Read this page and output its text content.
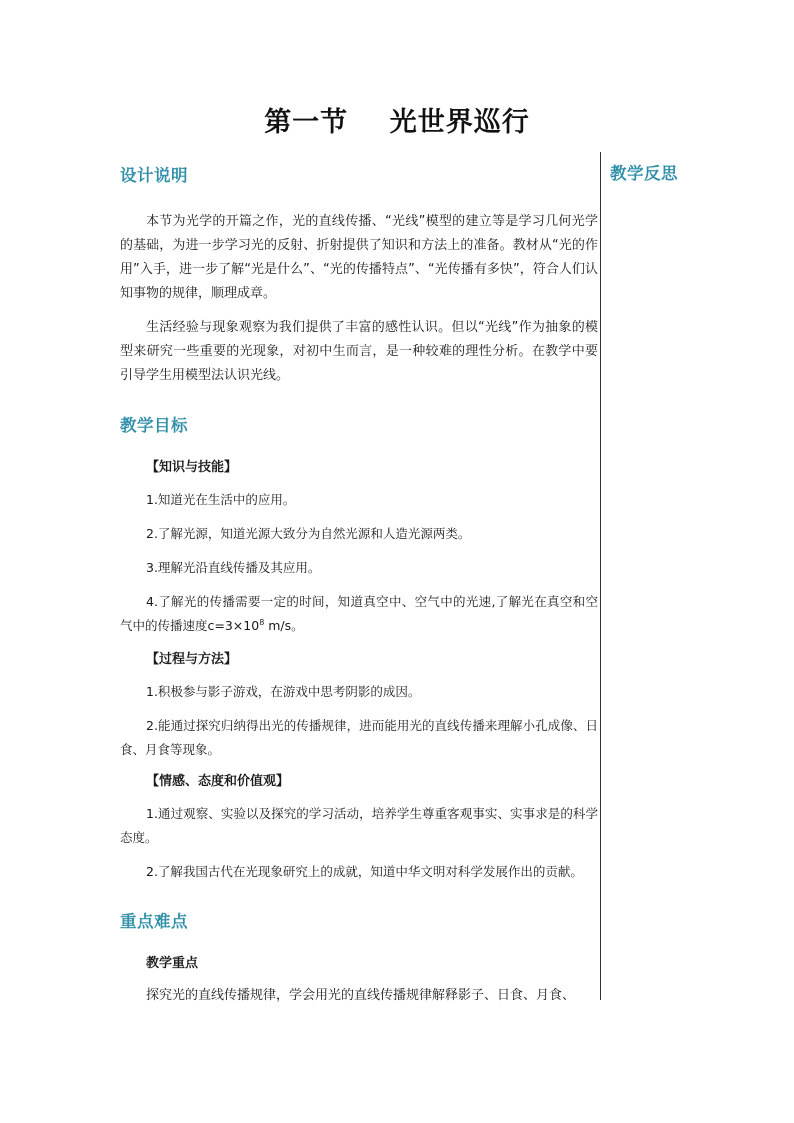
第一节    光世界巡行
设计说明

本节为光学的开篇之作，光的直线传播、“光线”模型的建立等是学习几何光学的基础，为进一步学习光的反射、折射提供了知识和方法上的准备。教材从“光的作用”入手，进一步了解“光是什么”、“光的传播特点”、“光传播有多快”，符合人们认知事物的规律，顺理成章。

生活经验与现象观察为我们提供了丰富的感性认识。但以“光线”作为抽象的模型来研究一些重要的光现象，对初中生而言，是一种较难的理性分析。在教学中要引导学生用模型法认识光线。

教学目标

【知识与技能】

1.知道光在生活中的应用。

2.了解光源，知道光源大致分为自然光源和人造光源两类。

3.理解光沿直线传播及其应用。

4.了解光的传播需要一定的时间，知道真空中、空气中的光速,了解光在真空和空气中的传播速度$c=3\times 10^8$ m/s。

【过程与方法】

1.积极参与影子游戏，在游戏中思考阴影的成因。

2.能通过探究归纳得出光的传播规律，进而能用光的直线传播来理解小孔成像、日食、月食等现象。

【情感、态度和价值观】

1.通过观察、实验以及探究的学习活动，培养学生尊重客观事实、实事求是的科学态度。

2.了解我国古代在光现象研究上的成就，知道中华文明对科学发展作出的贡献。

重点难点

教学重点

探究光的直线传播规律，学会用光的直线传播规律解释影子、日食、月食、

教学反思
